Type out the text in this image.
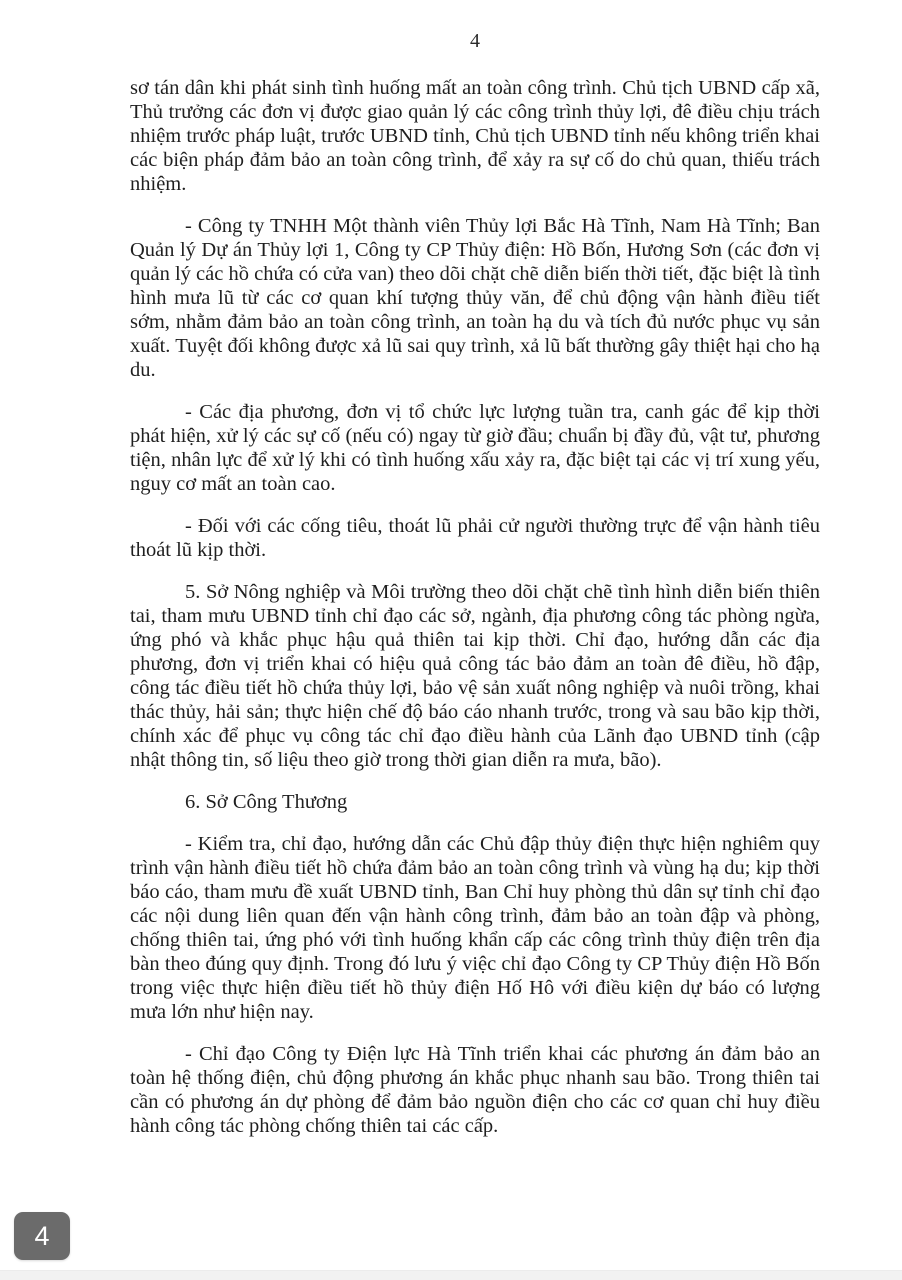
4

sơ tán dân khi phát sinh tình huống mất an toàn công trình. Chủ tịch UBND cấp xã, Thủ trưởng các đơn vị được giao quản lý các công trình thủy lợi, đê điều chịu trách nhiệm trước pháp luật, trước UBND tỉnh, Chủ tịch UBND tỉnh nếu không triển khai các biện pháp đảm bảo an toàn công trình, để xảy ra sự cố do chủ quan, thiếu trách nhiệm.

- Công ty TNHH Một thành viên Thủy lợi Bắc Hà Tĩnh, Nam Hà Tĩnh; Ban Quản lý Dự án Thủy lợi 1, Công ty CP Thủy điện: Hồ Bốn, Hương Sơn (các đơn vị quản lý các hồ chứa có cửa van) theo dõi chặt chẽ diễn biến thời tiết, đặc biệt là tình hình mưa lũ từ các cơ quan khí tượng thủy văn, để chủ động vận hành điều tiết sớm, nhằm đảm bảo an toàn công trình, an toàn hạ du và tích đủ nước phục vụ sản xuất. Tuyệt đối không được xả lũ sai quy trình, xả lũ bất thường gây thiệt hại cho hạ du.

- Các địa phương, đơn vị tổ chức lực lượng tuần tra, canh gác để kịp thời phát hiện, xử lý các sự cố (nếu có) ngay từ giờ đầu; chuẩn bị đầy đủ, vật tư, phương tiện, nhân lực để xử lý khi có tình huống xấu xảy ra, đặc biệt tại các vị trí xung yếu, nguy cơ mất an toàn cao.

- Đối với các cống tiêu, thoát lũ phải cử người thường trực để vận hành tiêu thoát lũ kịp thời.

5. Sở Nông nghiệp và Môi trường theo dõi chặt chẽ tình hình diễn biến thiên tai, tham mưu UBND tỉnh chỉ đạo các sở, ngành, địa phương công tác phòng ngừa, ứng phó và khắc phục hậu quả thiên tai kịp thời. Chỉ đạo, hướng dẫn các địa phương, đơn vị triển khai có hiệu quả công tác bảo đảm an toàn đê điều, hồ đập, công tác điều tiết hồ chứa thủy lợi, bảo vệ sản xuất nông nghiệp và nuôi trồng, khai thác thủy, hải sản; thực hiện chế độ báo cáo nhanh trước, trong và sau bão kịp thời, chính xác để phục vụ công tác chỉ đạo điều hành của Lãnh đạo UBND tỉnh (cập nhật thông tin, số liệu theo giờ trong thời gian diễn ra mưa, bão).

6. Sở Công Thương

- Kiểm tra, chỉ đạo, hướng dẫn các Chủ đập thủy điện thực hiện nghiêm quy trình vận hành điều tiết hồ chứa đảm bảo an toàn công trình và vùng hạ du; kịp thời báo cáo, tham mưu đề xuất UBND tỉnh, Ban Chỉ huy phòng thủ dân sự tỉnh chỉ đạo các nội dung liên quan đến vận hành công trình, đảm bảo an toàn đập và phòng, chống thiên tai, ứng phó với tình huống khẩn cấp các công trình thủy điện trên địa bàn theo đúng quy định. Trong đó lưu ý việc chỉ đạo Công ty CP Thủy điện Hồ Bốn trong việc thực hiện điều tiết hồ thủy điện Hố Hô với điều kiện dự báo có lượng mưa lớn như hiện nay.

- Chỉ đạo Công ty Điện lực Hà Tĩnh triển khai các phương án đảm bảo an toàn hệ thống điện, chủ động phương án khắc phục nhanh sau bão. Trong thiên tai cần có phương án dự phòng để đảm bảo nguồn điện cho các cơ quan chỉ huy điều hành công tác phòng chống thiên tai các cấp.

4
